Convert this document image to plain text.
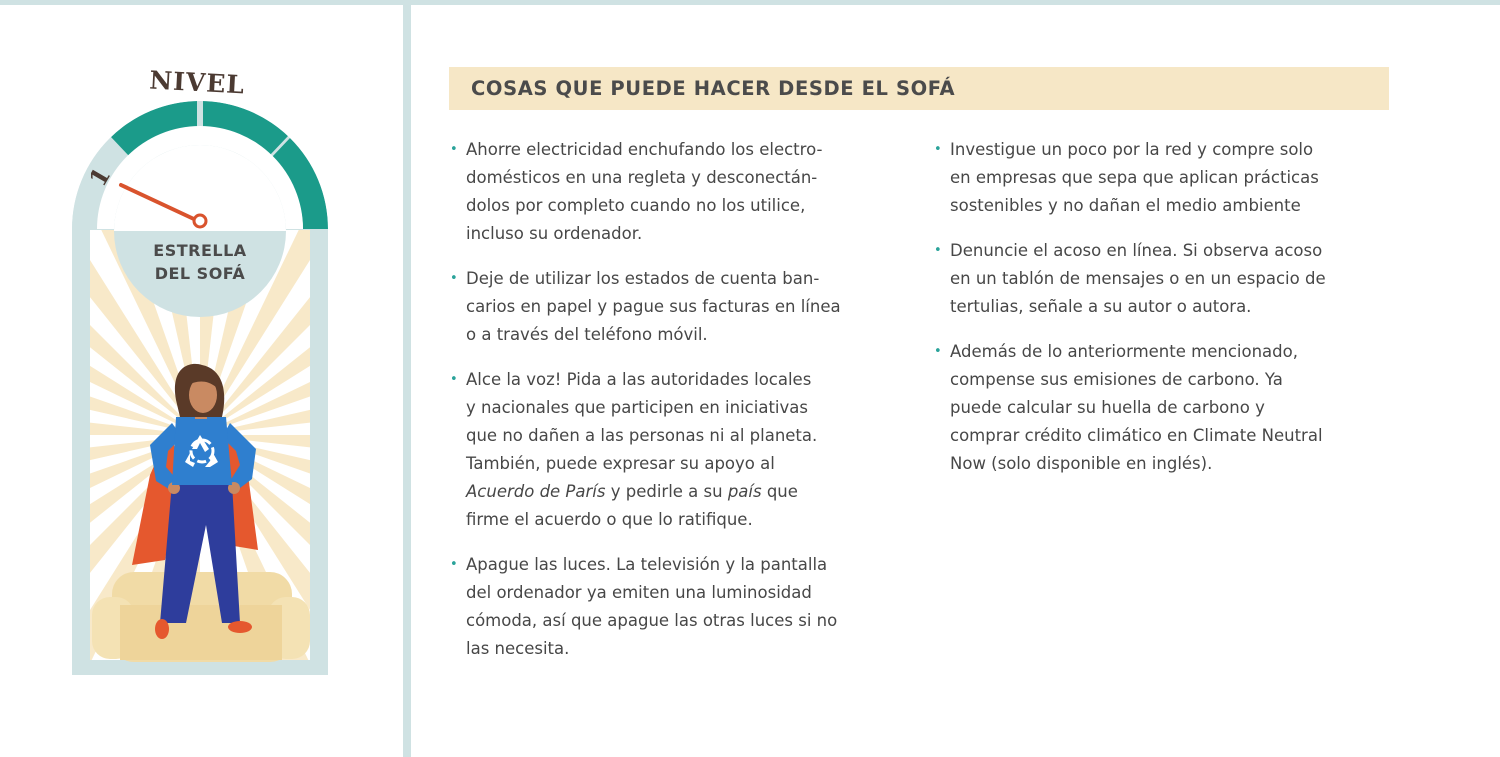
ESTRELLA
DEL SOFÁ
NIVEL
1
COSAS QUE PUEDE HACER DESDE EL SOFÁ
• Ahorre electricidad enchufando los electro-
domésticos en una regleta y desconectán-
dolos por completo cuando no los utilice,
incluso su ordenador.
• Deje de utilizar los estados de cuenta ban-
carios en papel y pague sus facturas en línea
o a través del teléfono móvil.
• Alce la voz! Pida a las autoridades locales
y nacionales que participen en iniciativas
que no dañen a las personas ni al planeta.
También, puede expresar su apoyo al
Acuerdo de París y pedirle a su país que
firme el acuerdo o que lo ratifique.
• Apague las luces. La televisión y la pantalla
del ordenador ya emiten una luminosidad
cómoda, así que apague las otras luces si no
las necesita.
• Investigue un poco por la red y compre solo
en empresas que sepa que aplican prácticas
sostenibles y no dañan el medio ambiente
• Denuncie el acoso en línea. Si observa acoso
en un tablón de mensajes o en un espacio de
tertulias, señale a su autor o autora.
• Además de lo anteriormente mencionado,
compense sus emisiones de carbono. Ya
puede calcular su huella de carbono y
comprar crédito climático en Climate Neutral
Now (solo disponible en inglés).
